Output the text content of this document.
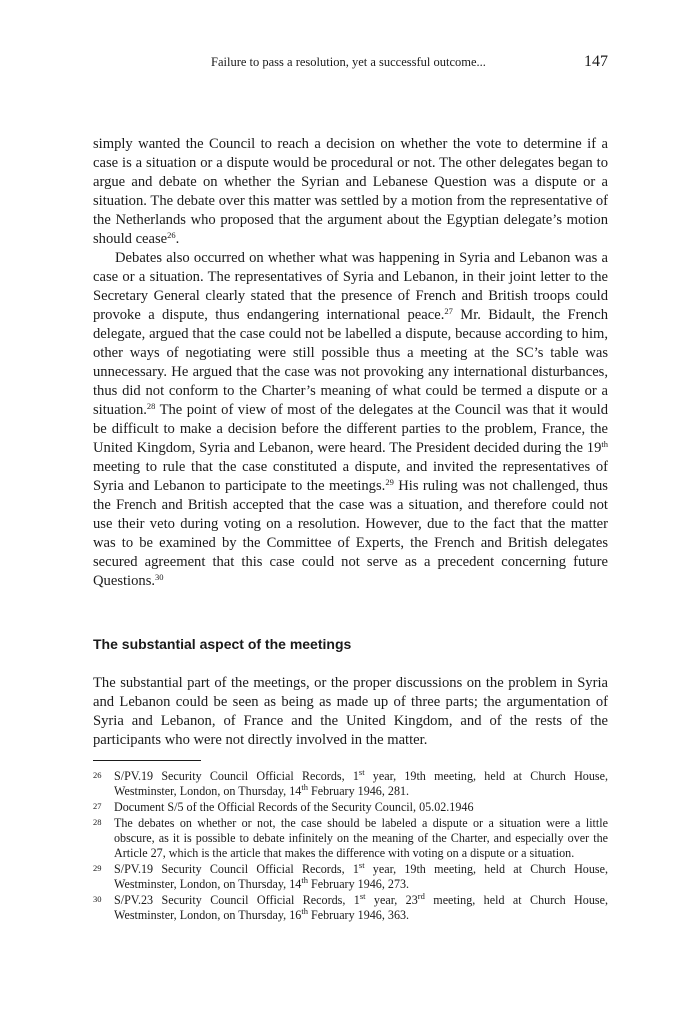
Failure to pass a resolution, yet a successful outcome...	147

simply wanted the Council to reach a decision on whether the vote to determine if a case is a situation or a dispute would be procedural or not. The other delegates began to argue and debate on whether the Syrian and Lebanese Question was a dispute or a situation. The debate over this matter was settled by a motion from the representative of the Netherlands who proposed that the argument about the Egyptian delegate’s motion should cease$^{26}$.

Debates also occurred on whether what was happening in Syria and Lebanon was a case or a situation. The representatives of Syria and Lebanon, in their joint letter to the Secretary General clearly stated that the presence of French and British troops could provoke a dispute, thus endangering international peace.$^{27}$ Mr. Bidault, the French delegate, argued that the case could not be labelled a dispute, because according to him, other ways of negotiating were still possible thus a meeting at the SC’s table was unnecessary. He argued that the case was not provoking any international disturbances, thus did not conform to the Charter’s meaning of what could be termed a dispute or a situation.$^{28}$ The point of view of most of the delegates at the Council was that it would be difficult to make a decision before the different parties to the problem, France, the United Kingdom, Syria and Lebanon, were heard. The President decided during the 19th meeting to rule that the case constituted a dispute, and invited the representatives of Syria and Lebanon to participate to the meetings.$^{29}$ His ruling was not challenged, thus the French and British accepted that the case was a situation, and therefore could not use their veto during voting on a resolution. However, due to the fact that the matter was to be examined by the Committee of Experts, the French and British delegates secured agreement that this case could not serve as a precedent concerning future Questions.$^{30}$

The substantial aspect of the meetings

The substantial part of the meetings, or the proper discussions on the problem in Syria and Lebanon could be seen as being as made up of three parts; the argumentation of Syria and Lebanon, of France and the United Kingdom, and of the rests of the participants who were not directly involved in the matter.

26	S/PV.19 Security Council Official Records, 1st year, 19th meeting, held at Church House, Westminster, London, on Thursday, 14th February 1946, 281.
27	Document S/5 of the Official Records of the Security Council, 05.02.1946
28	The debates on whether or not, the case should be labeled a dispute or a situation were a little obscure, as it is possible to debate infinitely on the meaning of the Charter, and especially over the Article 27, which is the article that makes the difference with voting on a dispute or a situation.
29	S/PV.19 Security Council Official Records, 1st year, 19th meeting, held at Church House, Westminster, London, on Thursday, 14th February 1946, 273.
30	S/PV.23 Security Council Official Records, 1st year, 23rd meeting, held at Church House, Westminster, London, on Thursday, 16th February 1946, 363.
